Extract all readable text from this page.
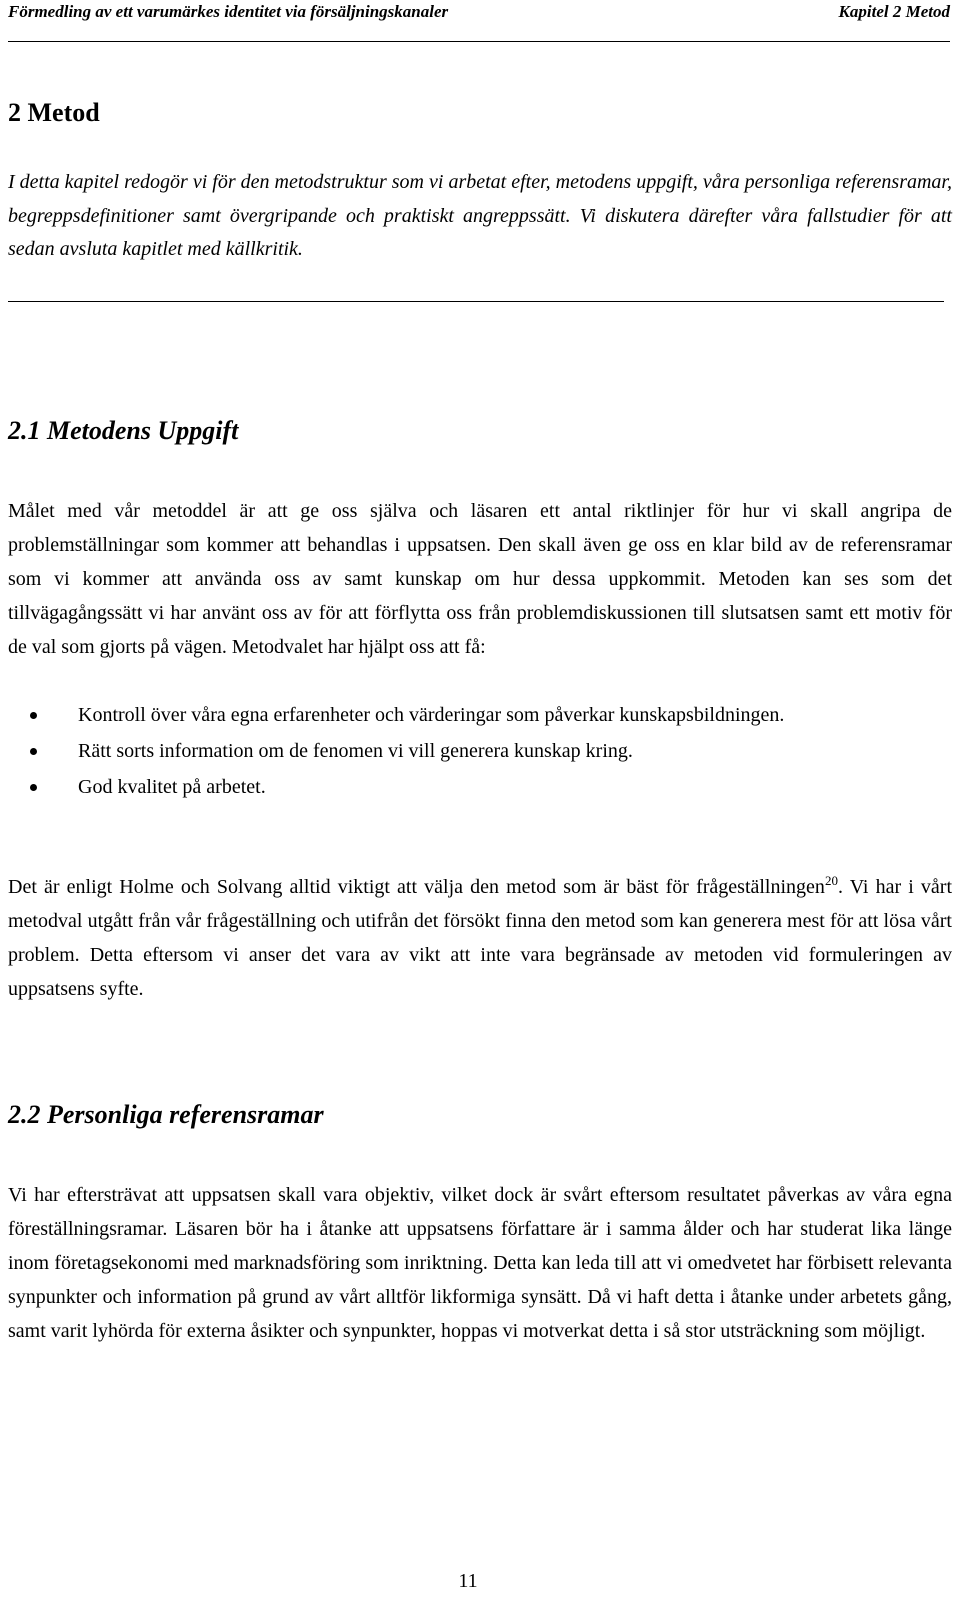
Förmedling av ett varumärkes identitet via försäljningskanaler	Kapitel 2 Metod
2 Metod

I detta kapitel redogör vi för den metodstruktur som vi arbetat efter, metodens uppgift, våra personliga referensramar, begreppsdefinitioner samt övergripande och praktiskt angreppssätt. Vi diskutera därefter våra fallstudier för att sedan avsluta kapitlet med källkritik.

2.1 Metodens Uppgift

Målet med vår metoddel är att ge oss själva och läsaren ett antal riktlinjer för hur vi skall angripa de problemställningar som kommer att behandlas i uppsatsen. Den skall även ge oss en klar bild av de referensramar som vi kommer att använda oss av samt kunskap om hur dessa uppkommit. Metoden kan ses som det tillvägagångssätt vi har använt oss av för att förflytta oss från problemdiskussionen till slutsatsen samt ett motiv för de val som gjorts på vägen. Metodvalet har hjälpt oss att få:

Kontroll över våra egna erfarenheter och värderingar som påverkar kunskapsbildningen.
Rätt sorts information om de fenomen vi vill generera kunskap kring.
God kvalitet på arbetet.

Det är enligt Holme och Solvang alltid viktigt att välja den metod som är bäst för frågeställningen$^{20}$. Vi har i vårt metodval utgått från vår frågeställning och utifrån det försökt finna den metod som kan generera mest för att lösa vårt problem. Detta eftersom vi anser det vara av vikt att inte vara begränsade av metoden vid formuleringen av uppsatsens syfte.

2.2 Personliga referensramar

Vi har eftersträvat att uppsatsen skall vara objektiv, vilket dock är svårt eftersom resultatet påverkas av våra egna föreställningsramar. Läsaren bör ha i åtanke att uppsatsens författare är i samma ålder och har studerat lika länge inom företagsekonomi med marknadsföring som inriktning. Detta kan leda till att vi omedvetet har förbisett relevanta synpunkter och information på grund av vårt alltför likformiga synsätt. Då vi haft detta i åtanke under arbetets gång, samt varit lyhörda för externa åsikter och synpunkter, hoppas vi motverkat detta i så stor utsträckning som möjligt.

11
